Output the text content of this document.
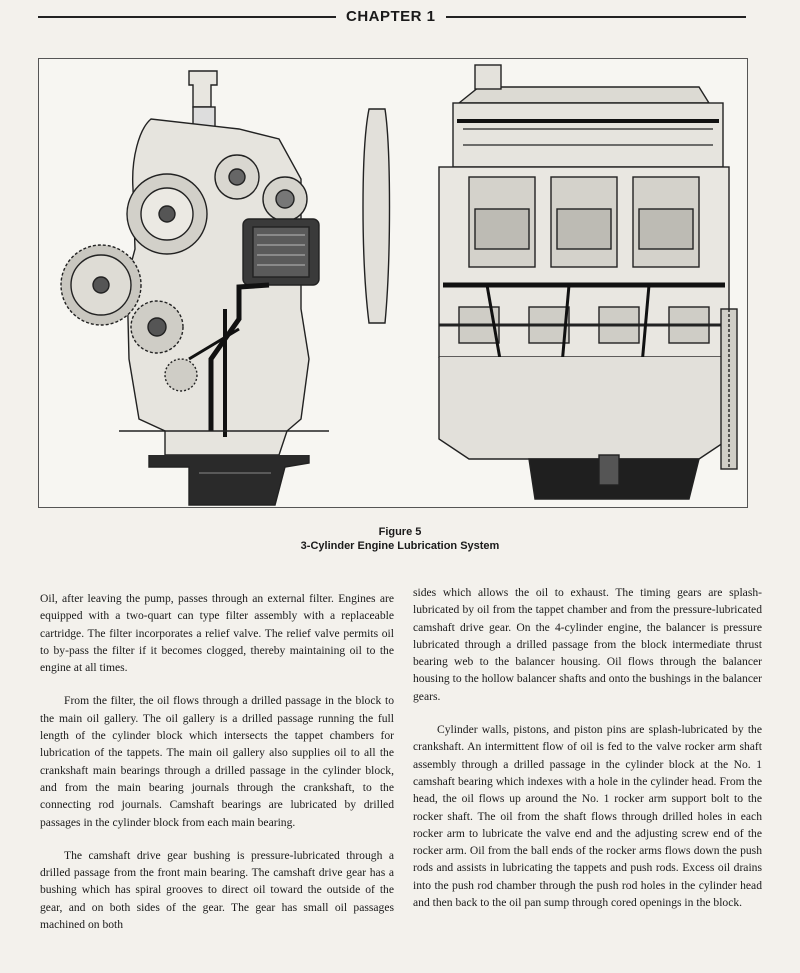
CHAPTER 1
Figure 5
3-Cylinder Engine Lubrication System

Oil, after leaving the pump, passes through an external filter. Engines are equipped with a two-quart can type filter assembly with a replaceable cartridge. The filter incorporates a relief valve. The relief valve permits oil to by-pass the filter if it becomes clogged, thereby maintaining oil to the engine at all times.

From the filter, the oil flows through a drilled passage in the block to the main oil gallery. The oil gallery is a drilled passage running the full length of the cylinder block which intersects the tappet chambers for lubrication of the tappets. The main oil gallery also supplies oil to all the crankshaft main bearings through a drilled passage in the cylinder block, and from the main bearing journals through the crankshaft, to the connecting rod journals. Camshaft bearings are lubricated by drilled passages in the cylinder block from each main bearing.

The camshaft drive gear bushing is pressure-lubricated through a drilled passage from the front main bearing. The camshaft drive gear has a bushing which has spiral grooves to direct oil toward the outside of the gear, and on both sides of the gear. The gear has small oil passages machined on both

sides which allows the oil to exhaust. The timing gears are splash-lubricated by oil from the tappet chamber and from the pressure-lubricated camshaft drive gear. On the 4-cylinder engine, the balancer is pressure lubricated through a drilled passage from the block intermediate thrust bearing web to the balancer housing. Oil flows through the balancer housing to the hollow balancer shafts and onto the bushings in the balancer gears.

Cylinder walls, pistons, and piston pins are splash-lubricated by the crankshaft. An intermittent flow of oil is fed to the valve rocker arm shaft assembly through a drilled passage in the cylinder block at the No. 1 camshaft bearing which indexes with a hole in the cylinder head. From the head, the oil flows up around the No. 1 rocker arm support bolt to the rocker shaft. The oil from the shaft flows through drilled holes in each rocker arm to lubricate the valve end and the adjusting screw end of the rocker arm. Oil from the ball ends of the rocker arms flows down the push rods and assists in lubricating the tappets and push rods. Excess oil drains into the push rod chamber through the push rod holes in the cylinder head and then back to the oil pan sump through cored openings in the block.
